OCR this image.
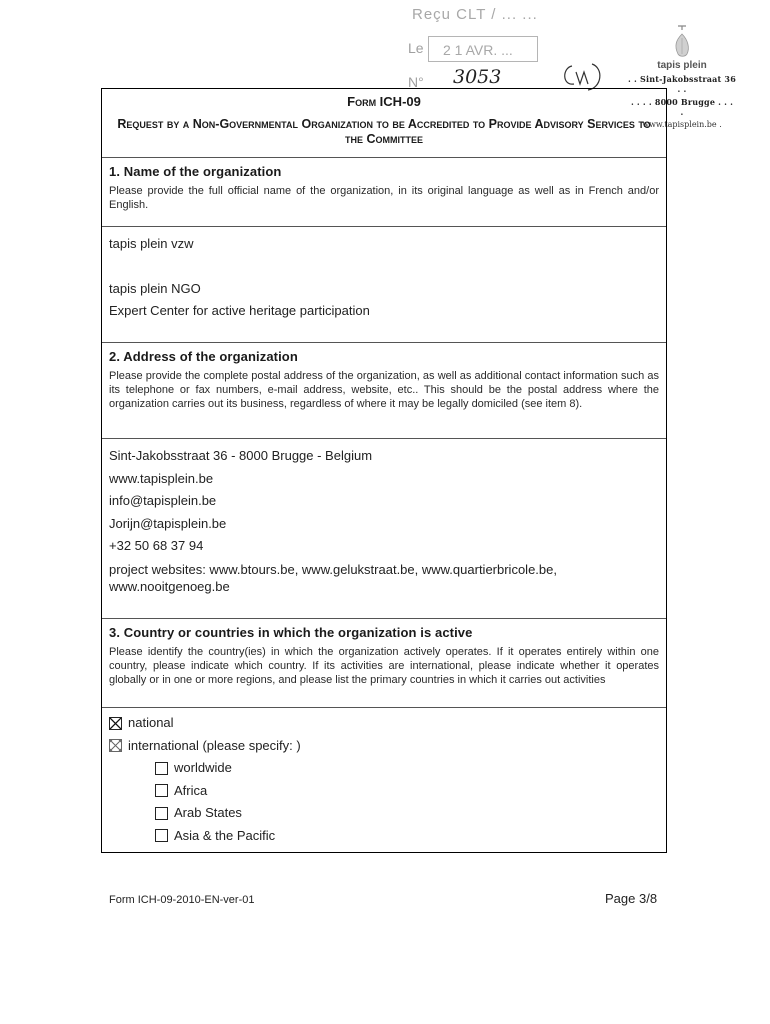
Reçu CLT / ... ...
Le	2 1 AVR. ...
N° 3053
tapis plein
. . Sint-Jakobsstraat 36 . .
. . . . 8000 Brugge . . . .
www.tapisplein.be .
Form ICH-09
Request by a Non-Governmental Organization to be Accredited to Provide Advisory Services to the Committee
1. Name of the organization

Please provide the full official name of the organization, in its original language as well as in French and/or English.

tapis plein vzw
tapis plein NGO
Expert Center for active heritage participation
2. Address of the organization

Please provide the complete postal address of the organization, as well as additional contact information such as its telephone or fax numbers, e-mail address, website, etc.. This should be the postal address where the organization carries out its business, regardless of where it may be legally domiciled (see item 8).

Sint-Jakobsstraat 36 - 8000 Brugge - Belgium
www.tapisplein.be
info@tapisplein.be
Jorijn@tapisplein.be
+32 50 68 37 94
project websites: www.btours.be, www.gelukstraat.be, www.quartierbricole.be,
www.nooitgenoeg.be
3. Country or countries in which the organization is active

Please identify the country(ies) in which the organization actively operates. If it operates entirely within one country, please indicate which country. If its activities are international, please indicate whether it operates globally or in one or more regions, and please list the primary countries in which it carries out activities

national
international (please specify: )
worldwide
Africa
Arab States
Asia & the Pacific
Form ICH-09-2010-EN-ver-01	Page 3/8
